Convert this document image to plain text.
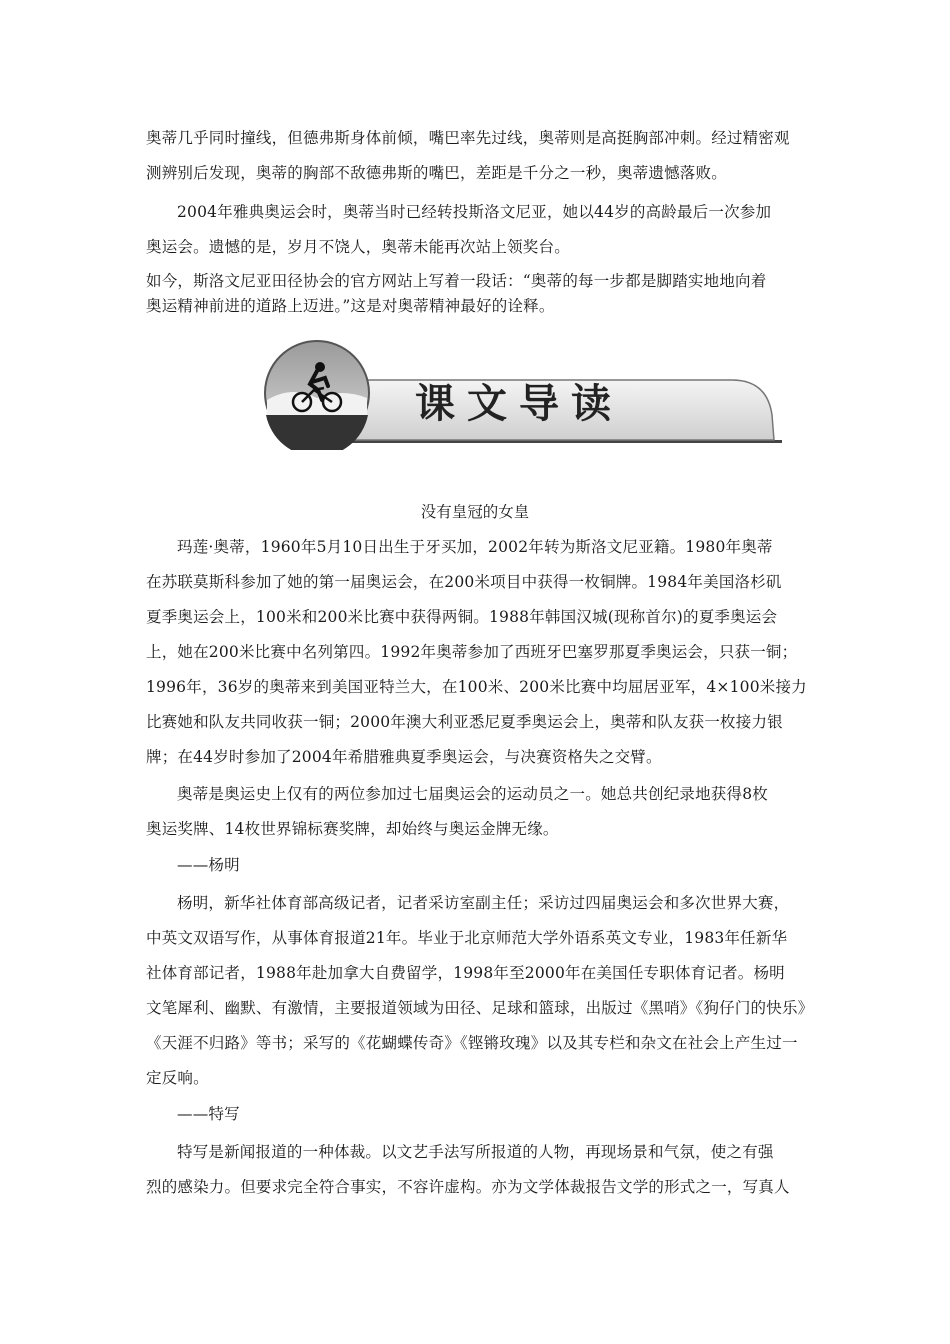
奥蒂几乎同时撞线，但德弗斯身体前倾，嘴巴率先过线，奥蒂则是高挺胸部冲刺。经过精密观
测辨别后发现，奥蒂的胸部不敌德弗斯的嘴巴，差距是千分之一秒，奥蒂遗憾落败。
2004年雅典奥运会时，奥蒂当时已经转投斯洛文尼亚，她以44岁的高龄最后一次参加
奥运会。遗憾的是，岁月不饶人，奥蒂未能再次站上领奖台。
如今，斯洛文尼亚田径协会的官方网站上写着一段话：“奥蒂的每一步都是脚踏实地地向着
奥运精神前进的道路上迈进。”这是对奥蒂精神最好的诠释。
课文导读
没有皇冠的女皇
玛莲·奥蒂，1960年5月10日出生于牙买加，2002年转为斯洛文尼亚籍。1980年奥蒂
在苏联莫斯科参加了她的第一届奥运会，在200米项目中获得一枚铜牌。1984年美国洛杉矶
夏季奥运会上，100米和200米比赛中获得两铜。1988年韩国汉城(现称首尔)的夏季奥运会
上，她在200米比赛中名列第四。1992年奥蒂参加了西班牙巴塞罗那夏季奥运会，只获一铜；
1996年，36岁的奥蒂来到美国亚特兰大，在100米、200米比赛中均屈居亚军，4×100米接力
比赛她和队友共同收获一铜；2000年澳大利亚悉尼夏季奥运会上，奥蒂和队友获一枚接力银
牌；在44岁时参加了2004年希腊雅典夏季奥运会，与决赛资格失之交臂。
奥蒂是奥运史上仅有的两位参加过七届奥运会的运动员之一。她总共创纪录地获得8枚
奥运奖牌、14枚世界锦标赛奖牌，却始终与奥运金牌无缘。
——杨明
杨明，新华社体育部高级记者，记者采访室副主任；采访过四届奥运会和多次世界大赛，
中英文双语写作，从事体育报道21年。毕业于北京师范大学外语系英文专业，1983年任新华
社体育部记者，1988年赴加拿大自费留学，1998年至2000年在美国任专职体育记者。杨明
文笔犀利、幽默、有激情，主要报道领域为田径、足球和篮球，出版过《黑哨》《狗仔门的快乐》
《天涯不归路》等书；采写的《花蝴蝶传奇》《铿锵玫瑰》以及其专栏和杂文在社会上产生过一
定反响。
——特写
特写是新闻报道的一种体裁。以文艺手法写所报道的人物，再现场景和气氛，使之有强
烈的感染力。但要求完全符合事实，不容许虚构。亦为文学体裁报告文学的形式之一，写真人
